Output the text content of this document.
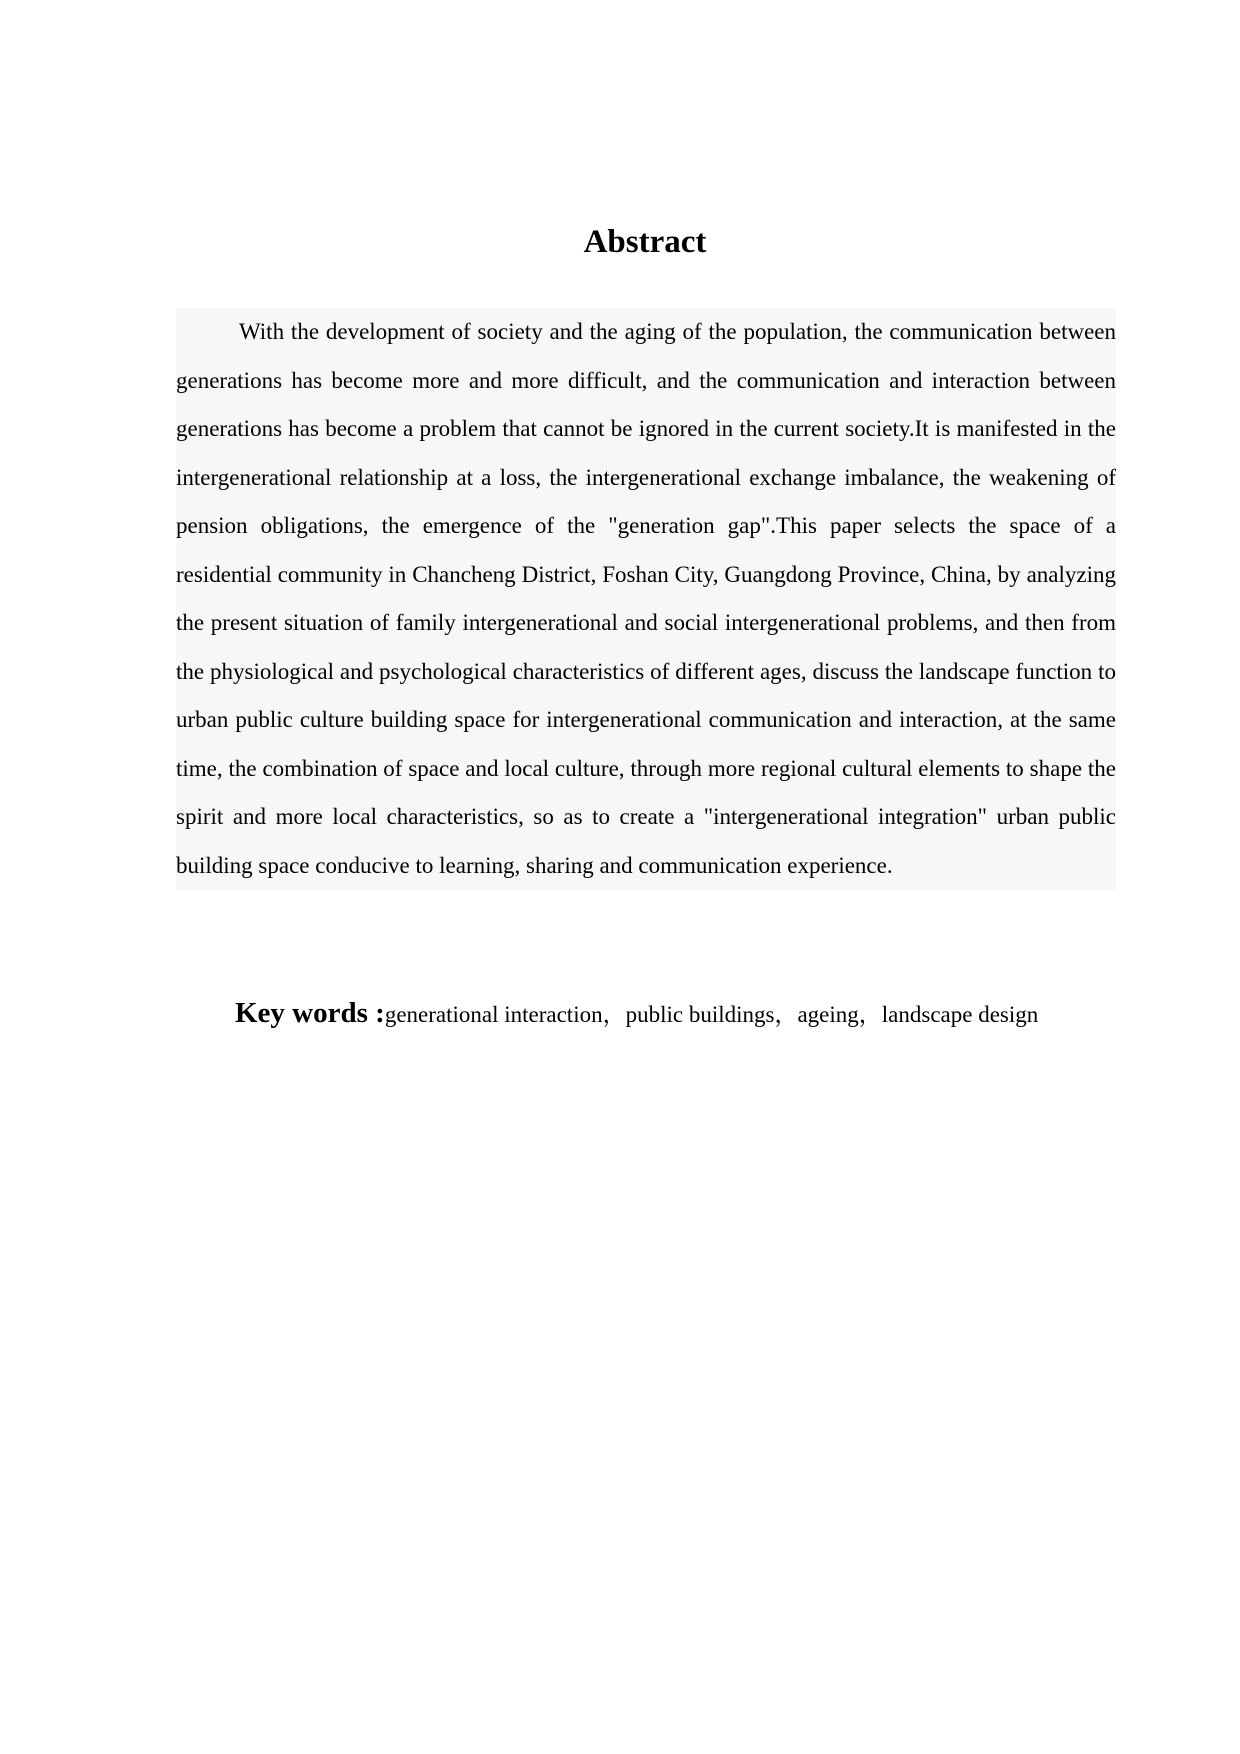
Abstract

With the development of society and the aging of the population, the communication between generations has become more and more difficult, and the communication and interaction between generations has become a problem that cannot be ignored in the current society.It is manifested in the intergenerational relationship at a loss, the intergenerational exchange imbalance, the weakening of pension obligations, the emergence of the "generation gap".This paper selects the space of a residential community in Chancheng District, Foshan City, Guangdong Province, China, by analyzing the present situation of family intergenerational and social intergenerational problems, and then from the physiological and psychological characteristics of different ages, discuss the landscape function to urban public culture building space for intergenerational communication and interaction, at the same time, the combination of space and local culture, through more regional cultural elements to shape the spirit and more local characteristics, so as to create a "intergenerational integration" urban public building space conducive to learning, sharing and communication experience.

Key words :generational interaction，public buildings，ageing，landscape design
